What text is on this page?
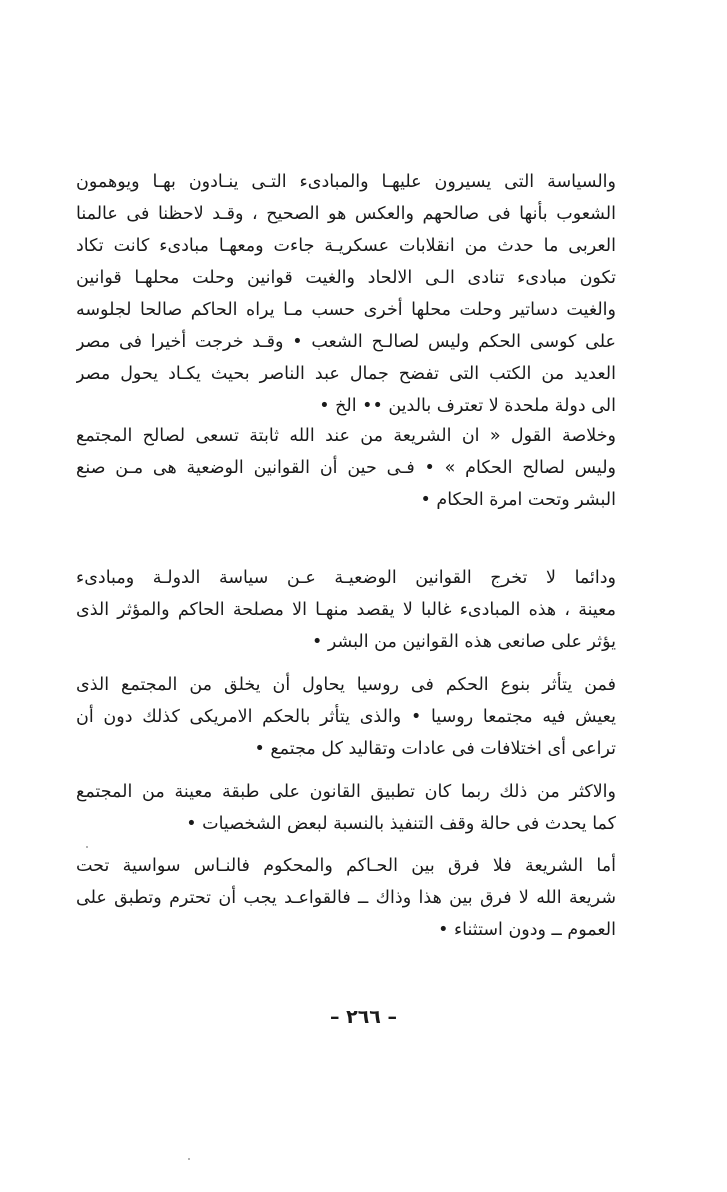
والسياسة التى يسيرون عليهـا والمبادىء التـى ينـادون بهـا ويوهمون
الشعوب بأنها فى صالحهم والعكس هو الصحيح ، وقـد لاحظنا فى عالمنا
العربى ما حدث من انقلابات عسكريـة جاءت ومعهـا مبادىء كانت تكاد
تكون مبادىء تنادى الـى الالحاد والغيت قوانين وحلت محلهـا قوانين
والغيت دساتير وحلت محلها أخرى حسب مـا يراه الحاكم صالحا لجلوسه
على كوسى الحكم وليس لصالـح الشعب • وقـد خرجت أخيرا فى مصر
العديد من الكتب التى تفضح جمال عبد الناصر بحيث يكـاد يحول مصر
الى دولة ملحدة لا تعترف بالدين •• الخ •
وخلاصة القول « ان الشريعة من عند الله ثابتة تسعى لصالح المجتمع
وليس لصالح الحكام » • فـى حين أن القوانين الوضعية هى مـن صنع
البشر وتحت امرة الحكام •
ودائما لا تخرج القوانين الوضعيـة عـن سياسة الدولـة ومبادىء
معينة ، هذه المبادىء غالبا لا يقصد منهـا الا مصلحة الحاكم والمؤثر الذى
يؤثر على صانعى هذه القوانين من البشر •
فمن يتأثر بنوع الحكم فى روسيا يحاول أن يخلق من المجتمع الذى
يعيش فيه مجتمعا روسيا • والذى يتأثر بالحكم الامريكى كذلك دون أن
تراعى أى اختلافات فى عادات وتقاليد كل مجتمع •
والاكثر من ذلك ربما كان تطبيق القانون على طبقة معينة من المجتمع
كما يحدث فى حالة وقف التنفيذ بالنسبة لبعض الشخصيات •
أما الشريعة فلا فرق بين الحـاكم والمحكوم فالنـاس سواسية تحت
شريعة الله لا فرق بين هذا وذاك ــ فالقواعـد يجب أن تحترم وتطبق على
العموم ــ ودون استثناء •
– ٢٦٦ –
